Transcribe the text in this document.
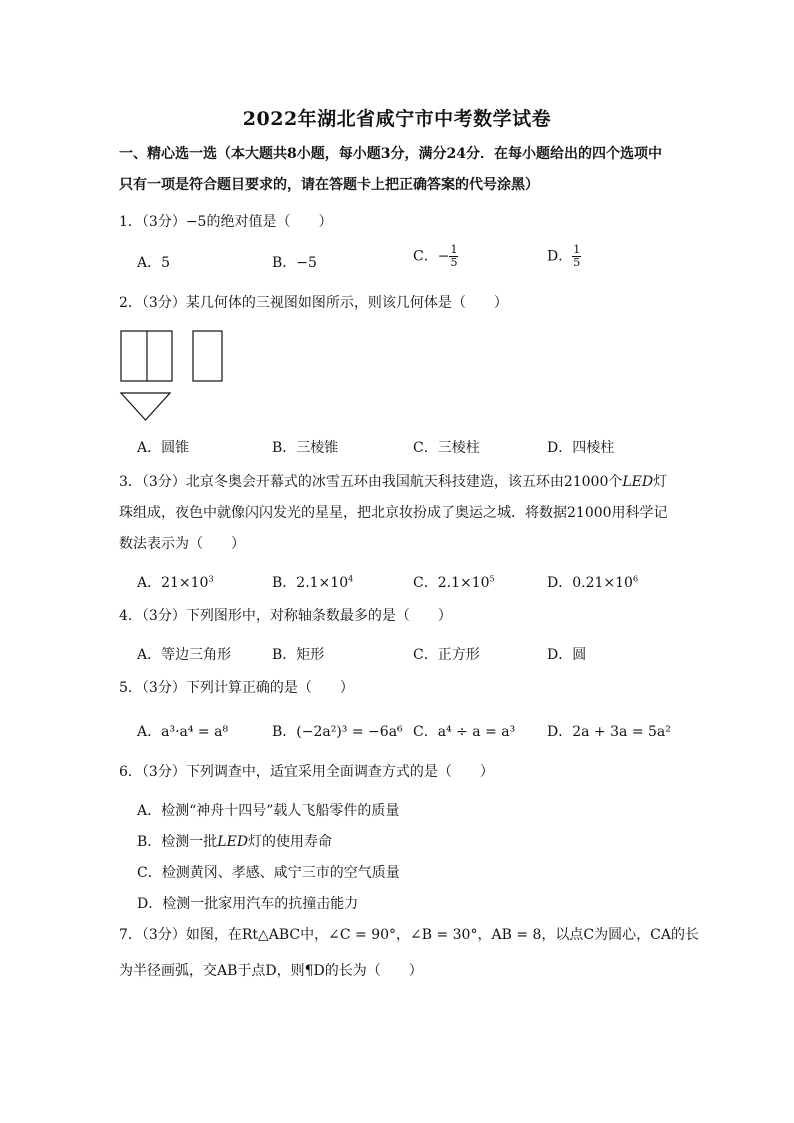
2022年湖北省咸宁市中考数学试卷
一、精心选一选（本大题共8小题，每小题3分，满分24分．在每小题给出的四个选项中
只有一项是符合题目要求的，请在答题卡上把正确答案的代号涂黑）
1．（3分）−5的绝对值是（　　）
A．5	B．−5	C．− $\frac{1}{5}$	D． $\frac{1}{5}$
2．（3分）某几何体的三视图如图所示，则该几何体是（　　）
A．圆锥	B．三棱锥	C．三棱柱	D．四棱柱
3．（3分）北京冬奥会开幕式的冰雪五环由我国航天科技建造，该五环由21000个LED灯珠组成，夜色中就像闪闪发光的星星，把北京妆扮成了奥运之城．将数据21000用科学记数法表示为（　　）
A．$21\times 10^3$	B．$2.1\times 10^4$	C．$2.1\times 10^5$	D．$0.21\times 10^6$
4．（3分）下列图形中，对称轴条数最多的是（　　）
A．等边三角形	B．矩形	C．正方形	D．圆
5．（3分）下列计算正确的是（　　）
A．a³·a⁴ = a⁸	B．(−2a²)³ = −6a⁶ C．a⁴ ÷ a = a³ D．2a + 3a = 5a²
6．（3分）下列调查中，适宜采用全面调查方式的是（　　）
A．检测“神舟十四号”载人飞船零件的质量
B．检测一批LED灯的使用寿命
C．检测黄冈、孝感、咸宁三市的空气质量
D．检测一批家用汽车的抗撞击能力
7．（3分）如图，在Rt△ABC中，∠C = 90°，∠B = 30°，AB = 8，以点C为圆心，CA的长
为半径画弧，交AB于点D，则¶D的长为（　　）
